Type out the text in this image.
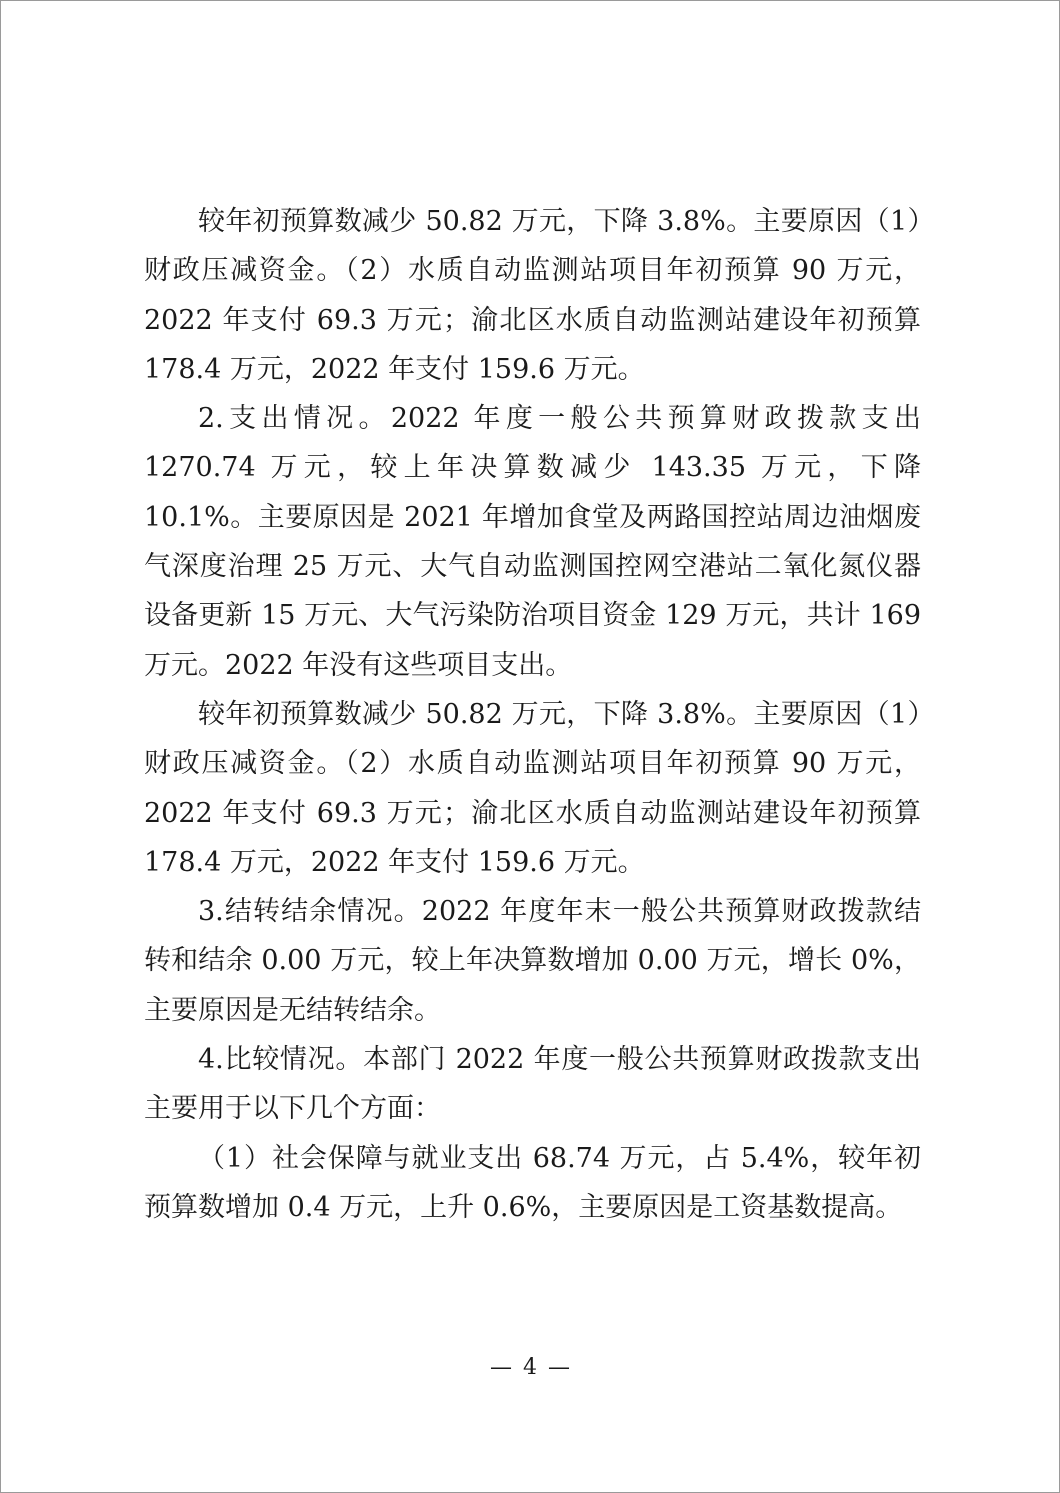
较年初预算数减少 50.82 万元，下降 3.8%。主要原因（1）财政压减资金。（2）水质自动监测站项目年初预算 90 万元，2022 年支付 69.3 万元；渝北区水质自动监测站建设年初预算 178.4 万元，2022 年支付 159.6 万元。

2.支出情况。2022 年度一般公共预算财政拨款支出 1270.74 万元，较上年决算数减少 143.35 万元，下降 10.1%。主要原因是 2021 年增加食堂及两路国控站周边油烟废气深度治理 25 万元、大气自动监测国控网空港站二氧化氮仪器设备更新 15 万元、大气污染防治项目资金 129 万元，共计 169 万元。2022 年没有这些项目支出。

较年初预算数减少 50.82 万元，下降 3.8%。主要原因（1）财政压减资金。（2）水质自动监测站项目年初预算 90 万元，2022 年支付 69.3 万元；渝北区水质自动监测站建设年初预算 178.4 万元，2022 年支付 159.6 万元。

3.结转结余情况。2022 年度年末一般公共预算财政拨款结转和结余 0.00 万元，较上年决算数增加 0.00 万元，增长 0%，主要原因是无结转结余。

4.比较情况。本部门 2022 年度一般公共预算财政拨款支出主要用于以下几个方面：

（1）社会保障与就业支出 68.74 万元，占 5.4%，较年初预算数增加 0.4 万元，上升 0.6%，主要原因是工资基数提高。

— 4 —
